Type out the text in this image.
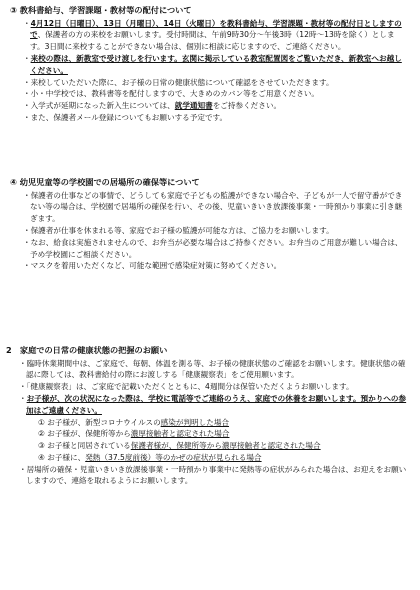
③ 教科書給与、学習課題・教材等の配付について
・4月12日（日曜日）、13日（月曜日）、14日（火曜日）を教科書給与、学習課題・教材等の配付日としますので、保護者の方の来校をお願いします。受付時間は、午前9時30分〜午後3時（12時〜13時を除く）とします。3日間に来校することができない場合は、個別に相談に応じますので、ご連絡ください。
・来校の際は、新教室で受け渡しを行います。玄関に掲示している教室配置図をご覧いただき、新教室へお越しください。
・来校していただいた際に、お子様の日常の健康状態について確認をさせていただきます。
・小・中学校では、教科書等を配付しますので、大きめのカバン等をご用意ください。
・入学式が延期になった新入生については、就学通知書をご持参ください。
・また、保護者メール登録についてもお願いする予定です。
④ 幼児児童等の学校園での居場所の確保等について
・保護者の仕事などの事情で、どうしても家庭で子どもの監護ができない場合や、子どもが一人で留守番ができない等の場合は、学校園で居場所の確保を行い、その後、児童いきいき放課後事業・一時預かり事業に引き継ぎます。
・保護者が仕事を休まれる等、家庭でお子様の監護が可能な方は、ご協力をお願いします。
・なお、給食は実施されませんので、お弁当が必要な場合はご持参ください。お弁当のご用意が難しい場合は、予め学校園にご相談ください。
・マスクを着用いただくなど、可能な範囲で感染症対策に努めてください。
2　家庭での日常の健康状態の把握のお願い
・臨時休業期間中は、ご家庭で、毎朝、体温を測る等、お子様の健康状態のご確認をお願いします。健康状態の確認に際しては、教科書給付の際にお渡しする「健康観察表」をご使用願います。
・「健康観察表」は、ご家庭で記載いただくとともに、4週間分は保管いただくようお願いします。
・お子様が、次の状況になった際は、学校に電話等でご連絡のうえ、家庭での休養をお願いします。預かりへの参加はご遠慮ください。
① お子様が、新型コロナウイルスの感染が判明した場合
② お子様が、保健所等から濃厚接触者と認定された場合
③ お子様と同居されている保護者様が、保健所等から濃厚接触者と認定された場合
④ お子様に、発熱（37.5度前後）等のかぜの症状が見られる場合
・居場所の確保・児童いきいき放課後事業・一時預かり事業中に発熱等の症状がみられた場合は、お迎えをお願いしますので、連絡を取れるようにお願いします。
